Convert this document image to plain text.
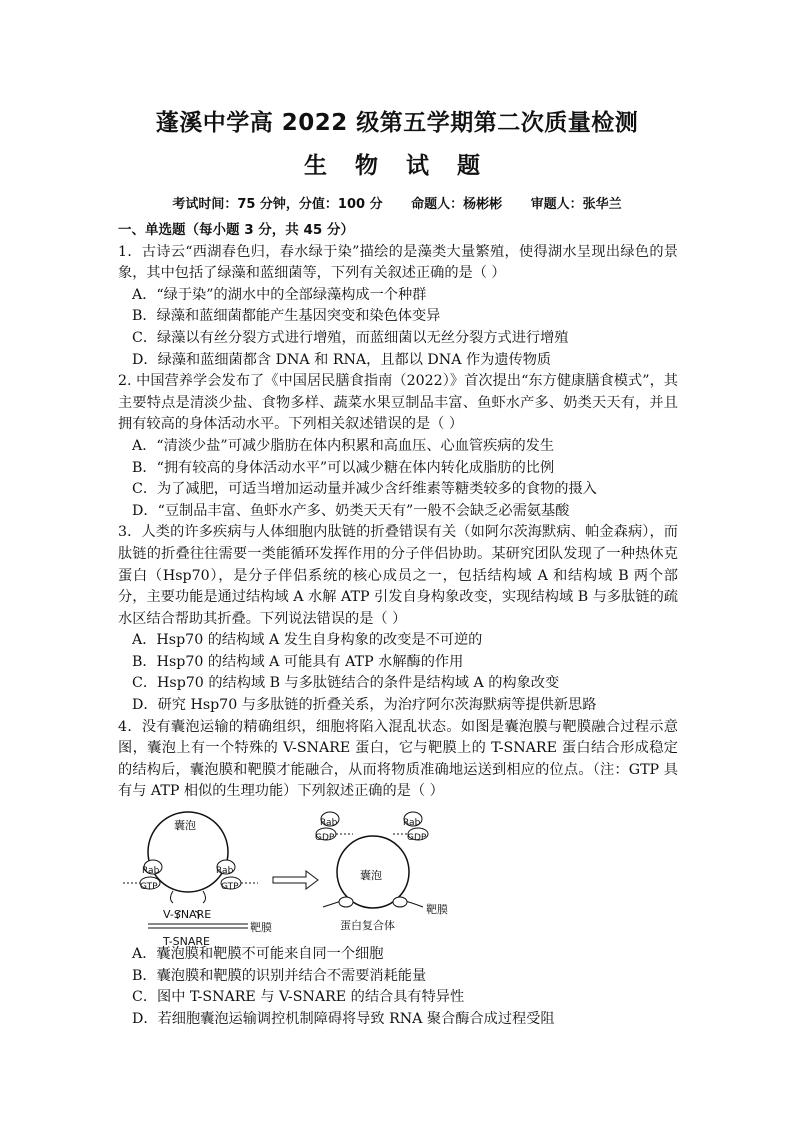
蓬溪中学高 2022 级第五学期第二次质量检测
生 物 试 题
考试时间：75 分钟，分值：100 分 命题人：杨彬彬 审题人：张华兰
一、单选题（每小题 3 分，共 45 分）

1．古诗云“西湖春色归，春水绿于染”描绘的是藻类大量繁殖，使得湖水呈现出绿色的景象，其中包括了绿藻和蓝细菌等，下列有关叙述正确的是（ ）

A．“绿于染”的湖水中的全部绿藻构成一个种群

B．绿藻和蓝细菌都能产生基因突变和染色体变异

C．绿藻以有丝分裂方式进行增殖，而蓝细菌以无丝分裂方式进行增殖

D．绿藻和蓝细菌都含 DNA 和 RNA，且都以 DNA 作为遗传物质

2. 中国营养学会发布了《中国居民膳食指南（2022）》首次提出“东方健康膳食模式”，其主要特点是清淡少盐、食物多样、蔬菜水果豆制品丰富、鱼虾水产多、奶类天天有，并且拥有较高的身体活动水平。下列相关叙述错误的是（ ）

A．“清淡少盐”可减少脂肪在体内积累和高血压、心血管疾病的发生

B．“拥有较高的身体活动水平”可以减少糖在体内转化成脂肪的比例

C．为了减肥，可适当增加运动量并减少含纤维素等糖类较多的食物的摄入

D．“豆制品丰富、鱼虾水产多、奶类天天有”一般不会缺乏必需氨基酸

3．人类的许多疾病与人体细胞内肽链的折叠错误有关（如阿尔茨海默病、帕金森病），而肽链的折叠往往需要一类能循环发挥作用的分子伴侣协助。某研究团队发现了一种热休克蛋白（Hsp70），是分子伴侣系统的核心成员之一，包括结构域 A 和结构域 B 两个部分，主要功能是通过结构域 A 水解 ATP 引发自身构象改变，实现结构域 B 与多肽链的疏水区结合帮助其折叠。下列说法错误的是（ ）

A．Hsp70 的结构域 A 发生自身构象的改变是不可逆的

B．Hsp70 的结构域 A 可能具有 ATP 水解酶的作用

C．Hsp70 的结构域 B 与多肽链结合的条件是结构域 A 的构象改变

D．研究 Hsp70 与多肽链的折叠关系，为治疗阿尔茨海默病等提供新思路

4．没有囊泡运输的精确组织，细胞将陷入混乱状态。如图是囊泡膜与靶膜融合过程示意图，囊泡上有一个特殊的 V-SNARE 蛋白，它与靶膜上的 T-SNARE 蛋白结合形成稳定的结构后，囊泡膜和靶膜才能融合，从而将物质准确地运送到相应的位点。（注：GTP 具有与 ATP 相似的生理功能）下列叙述正确的是（ ）

囊泡
Rab
GTP
Rab
GTP
V-SNARE
靶膜
T-SNARE
囊泡
Rab
GDP
Rab
GDP
靶膜
蛋白复合体

A．囊泡膜和靶膜不可能来自同一个细胞

B．囊泡膜和靶膜的识别并结合不需要消耗能量

C．图中 T-SNARE 与 V-SNARE 的结合具有特异性

D．若细胞囊泡运输调控机制障碍将导致 RNA 聚合酶合成过程受阻
